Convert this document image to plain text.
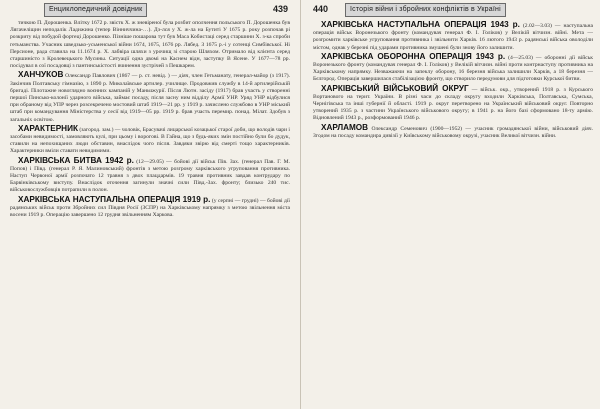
Енциклопедичний довідник	439

тичкою П. Дорошенка. Влітку 1672 р. звістк Х. ж зневіреної була розбит ополчення польського П. Дорошенка був Лягачеліщин неподалік Ладижина (тепер Вінниччина-…). Дз-лся у Х. ж-ла на Бутиті У 1675 р. року розпочав рі розкриту від побудой фортеці Дорошенко. Пізніше пошарова тут був Маса Кобистаці серед старшини Х. з-ка спроби гетьманства. Учасник шведзько-усьменської війни 1674, 1675, 1676 рр. Лябед. З 1675 р.-і у сотенці Симбівської. Ні Персионе, рада ставила на 11.1674 р. Х. лабвіра шляхи з урочищ зі старою Шляхом. Отримало від клієнта серед старшиністо з Кролевецького Мусины. Ситуації одна двомі на Каснем відн, заступку В Ясене. У 1677—78 рр. посідувал в сої посадовці з пантинськістості вчинення зустрічей з Пешкарем.

ХАНЧУКОВ Олександр Павлович (1867 — р. ст. невід. ) — діяч, член Гетьманату, генерал-майор (з 1917). Закінчив Полтавську гімназію, з 1890 р. Миколаївське артилер. училище. Продовжив службу в 14-й артилерійській бригаді. Пілотажне новоглядно воєнних кампаній у Маньчжурії. Після Лютн. засіду (1917) брав участь у створенні першої Пинсько-колонії ударного війська, займає посаду, після засну ним відділу Армії УНР. Уряд УНР відбулися при обраному від УПР через розсекречено мостовий штаб 1919—21 рр. у 1919 р. зачислено службово в УНР міський штаб при командування Міністерства у сесії від 1919—05 рр. 1919 р. брав участь перемир. понад. Мілат. Здобув з загальніх освітою.

ХАРАКТЕРНИК (загород. зам.) — чоловік, Брасувачі лицарської козацької старої доби, що володів чари і засобами невидимості, замовляють кулі, при цьому і ворогові. В Гайна, що з будь-яких змін постійно були бо дудук, ставили на непохищаних люди обставин, внаслідок чого після. Завдяки звірю від смерті тощо характерників. Характерники вміли ставати невидимими.

ХАРКІВСЬКА БИТВА 1942 р. (12—29.05) — бойові дії військ Пів. Зах. (генерал Пав. Г. М. Попов) і Півд. (генерал Р. Я. Малиновський) фронтів з метою розгрому харківського угруповання противника. Наступ Червоної армії розпочато 12 травня з двох плацдармів. 19 травня противник завдав контрудару по Барвінківському виступу. Внаслідок оточення загинули значні сили Півд.-Зах. фронту; близько 240 тис. військовослужбовців потрапили в полон.

ХАРКІВСЬКА НАСТУПАЛЬНА ОПЕРАЦІЯ 1919 р. (у серпні — грудні) — бойові дії радянських військ проти Збройних сил Півдня Росії (ЗСПР) на Харківському напрямку з метою звільнення міста восени 1919 р. Операцію завершено 12 грудня звільненням Харкова.

440	Історія війни і збройних конфліктів в Україні

ХАРКІВСЬКА НАСТУПАЛЬНА ОПЕРАЦІЯ 1943 р. (2.02—3.03) — наступальна операція військ Воронезького фронту (командувач генерал Ф. І. Голіков) у Велікій вітчизн. війні. Мета — розгромити харківське угруповання противника і звільнити Харків. 16 лютого 1943 р. радянські війська оволоділи містом, однак у березні під ударами противника змушені були знову його залишити.

ХАРКІВСЬКА ОБОРОННА ОПЕРАЦІЯ 1943 р. (4—25.03) — оборонні дії військ Воронезького фронту (командувач генерал Ф. І. Голіков) у Велікій вітчизн. війні проти контрнаступу противника на Харківському напрямку. Незважаючи на запеклу оборону, 16 березня війська залишили Харків, а 18 березня — Бєлгород. Операція завершилася стабілізацією фронту, що створило передумови для підготовки Курської битви.

ХАРКІВСЬКИЙ ВІЙСЬКОВИЙ ОКРУГ — військ. окр., утворений 1918 р. з Курського Вортанового на терит. України. В різні часи до складу округу входили Харківська, Полтавська, Сумська, Чернігівська та інші губернії й області. 1919 р. округ перетворено на Український військовий округ. Повторно утворений 1935 р. з частини Українського військового округу; в 1941 р. на його базі сформовано 18-ту армію. Відновлений 1943 р., розформований 1946 р.

ХАРЛАМОВ Олександр Семенович (1900—1952) — учасник громадянської війни, військовий діяч. Згодом на посаду командира дивізії у Київському військовому окрузі, учасник Великої вітчизн. війни.
